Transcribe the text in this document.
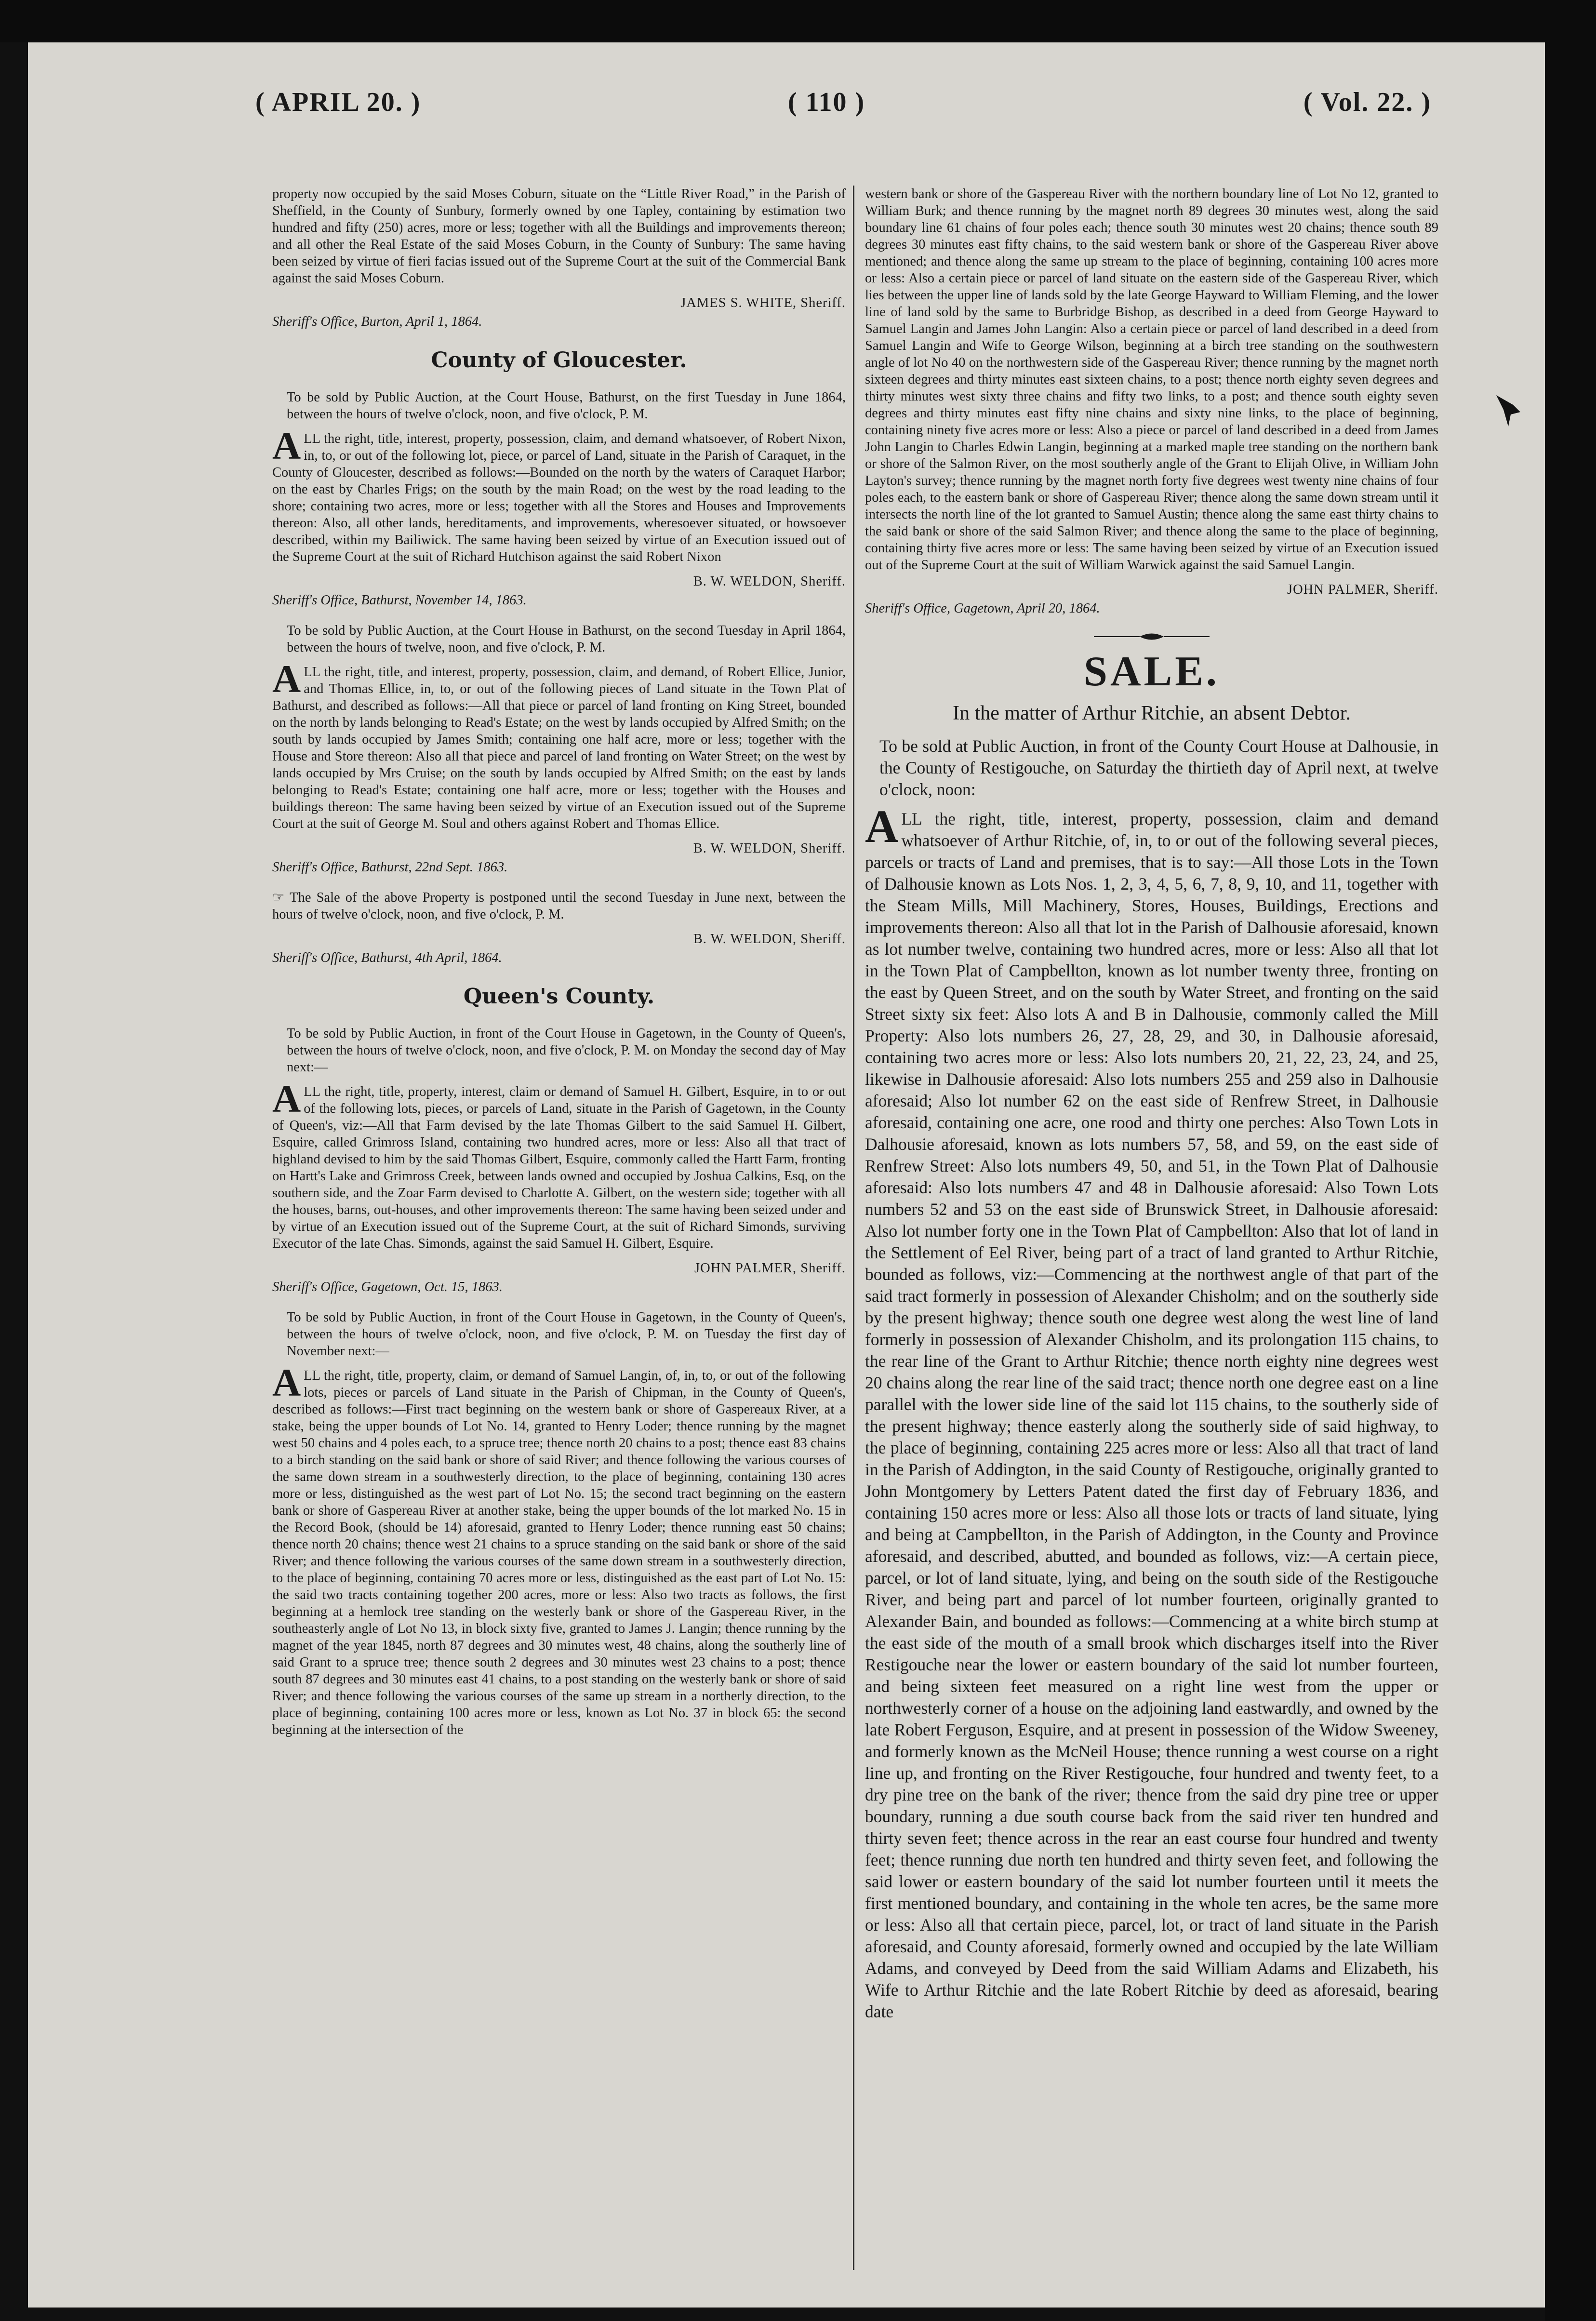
( APRIL 20. )	( 110 )	( Vol. 22. )

property now occupied by the said Moses Coburn, situate on the “Little River Road,” in the Parish of Sheffield, in the County of Sunbury, formerly owned by one Tapley, containing by estimation two hundred and fifty (250) acres, more or less; together with all the Buildings and improvements thereon; and all other the Real Estate of the said Moses Coburn, in the County of Sunbury: The same having been seized by virtue of fieri facias issued out of the Supreme Court at the suit of the Commercial Bank against the said Moses Coburn.

JAMES S. WHITE, Sheriff.

Sheriff's Office, Burton, April 1, 1864.

County of Gloucester.

To be sold by Public Auction, at the Court House, Bathurst, on the first Tuesday in June 1864, between the hours of twelve o'clock, noon, and five o'clock, P. M.

ALL the right, title, interest, property, possession, claim, and demand whatsoever, of Robert Nixon, in, to, or out of the following lot, piece, or parcel of Land, situate in the Parish of Caraquet, in the County of Gloucester, described as follows:—Bounded on the north by the waters of Caraquet Harbor; on the east by Charles Frigs; on the south by the main Road; on the west by the road leading to the shore; containing two acres, more or less; together with all the Stores and Houses and Improvements thereon: Also, all other lands, hereditaments, and improvements, wheresoever situated, or howsoever described, within my Bailiwick. The same having been seized by virtue of an Execution issued out of the Supreme Court at the suit of Richard Hutchison against the said Robert Nixon

B. W. WELDON, Sheriff.

Sheriff's Office, Bathurst, November 14, 1863.

To be sold by Public Auction, at the Court House in Bathurst, on the second Tuesday in April 1864, between the hours of twelve, noon, and five o'clock, P. M.

ALL the right, title, and interest, property, possession, claim, and demand, of Robert Ellice, Junior, and Thomas Ellice, in, to, or out of the following pieces of Land situate in the Town Plat of Bathurst, and described as follows:—All that piece or parcel of land fronting on King Street, bounded on the north by lands belonging to Read's Estate; on the west by lands occupied by Alfred Smith; on the south by lands occupied by James Smith; containing one half acre, more or less; together with the House and Store thereon: Also all that piece and parcel of land fronting on Water Street; on the west by lands occupied by Mrs Cruise; on the south by lands occupied by Alfred Smith; on the east by lands belonging to Read's Estate; containing one half acre, more or less; together with the Houses and buildings thereon: The same having been seized by virtue of an Execution issued out of the Supreme Court at the suit of George M. Soul and others against Robert and Thomas Ellice.

B. W. WELDON, Sheriff.

Sheriff's Office, Bathurst, 22nd Sept. 1863.

☞ The Sale of the above Property is postponed until the second Tuesday in June next, between the hours of twelve o'clock, noon, and five o'clock, P. M.

B. W. WELDON, Sheriff.

Sheriff's Office, Bathurst, 4th April, 1864.

Queen's County.

To be sold by Public Auction, in front of the Court House in Gagetown, in the County of Queen's, between the hours of twelve o'clock, noon, and five o'clock, P. M. on Monday the second day of May next:—

ALL the right, title, property, interest, claim or demand of Samuel H. Gilbert, Esquire, in to or out of the following lots, pieces, or parcels of Land, situate in the Parish of Gagetown, in the County of Queen's, viz:—All that Farm devised by the late Thomas Gilbert to the said Samuel H. Gilbert, Esquire, called Grimross Island, containing two hundred acres, more or less: Also all that tract of highland devised to him by the said Thomas Gilbert, Esquire, commonly called the Hartt Farm, fronting on Hartt's Lake and Grimross Creek, between lands owned and occupied by Joshua Calkins, Esq, on the southern side, and the Zoar Farm devised to Charlotte A. Gilbert, on the western side; together with all the houses, barns, out-houses, and other improvements thereon: The same having been seized under and by virtue of an Execution issued out of the Supreme Court, at the suit of Richard Simonds, surviving Executor of the late Chas. Simonds, against the said Samuel H. Gilbert, Esquire.

JOHN PALMER, Sheriff.

Sheriff's Office, Gagetown, Oct. 15, 1863.

To be sold by Public Auction, in front of the Court House in Gagetown, in the County of Queen's, between the hours of twelve o'clock, noon, and five o'clock, P. M. on Tuesday the first day of November next:—

ALL the right, title, property, claim, or demand of Samuel Langin, of, in, to, or out of the following lots, pieces or parcels of Land situate in the Parish of Chipman, in the County of Queen's, described as follows:—First tract beginning on the western bank or shore of Gaspereaux River, at a stake, being the upper bounds of Lot No. 14, granted to Henry Loder; thence running by the magnet west 50 chains and 4 poles each, to a spruce tree; thence north 20 chains to a post; thence east 83 chains to a birch standing on the said bank or shore of said River; and thence following the various courses of the same down stream in a southwesterly direction, to the place of beginning, containing 130 acres more or less, distinguished as the west part of Lot No. 15; the second tract beginning on the eastern bank or shore of Gaspereau River at another stake, being the upper bounds of the lot marked No. 15 in the Record Book, (should be 14) aforesaid, granted to Henry Loder; thence running east 50 chains; thence north 20 chains; thence west 21 chains to a spruce standing on the said bank or shore of the said River; and thence following the various courses of the same down stream in a southwesterly direction, to the place of beginning, containing 70 acres more or less, distinguished as the east part of Lot No. 15: the said two tracts containing together 200 acres, more or less: Also two tracts as follows, the first beginning at a hemlock tree standing on the westerly bank or shore of the Gaspereau River, in the southeasterly angle of Lot No 13, in block sixty five, granted to James J. Langin; thence running by the magnet of the year 1845, north 87 degrees and 30 minutes west, 48 chains, along the southerly line of said Grant to a spruce tree; thence south 2 degrees and 30 minutes west 23 chains to a post; thence south 87 degrees and 30 minutes east 41 chains, to a post standing on the westerly bank or shore of said River; and thence following the various courses of the same up stream in a northerly direction, to the place of beginning, containing 100 acres more or less, known as Lot No. 37 in block 65: the second beginning at the intersection of the

western bank or shore of the Gaspereau River with the northern boundary line of Lot No 12, granted to William Burk; and thence running by the magnet north 89 degrees 30 minutes west, along the said boundary line 61 chains of four poles each; thence south 30 minutes west 20 chains; thence south 89 degrees 30 minutes east fifty chains, to the said western bank or shore of the Gaspereau River above mentioned; and thence along the same up stream to the place of beginning, containing 100 acres more or less: Also a certain piece or parcel of land situate on the eastern side of the Gaspereau River, which lies between the upper line of lands sold by the late George Hayward to William Fleming, and the lower line of land sold by the same to Burbridge Bishop, as described in a deed from George Hayward to Samuel Langin and James John Langin: Also a certain piece or parcel of land described in a deed from Samuel Langin and Wife to George Wilson, beginning at a birch tree standing on the southwestern angle of lot No 40 on the northwestern side of the Gaspereau River; thence running by the magnet north sixteen degrees and thirty minutes east sixteen chains, to a post; thence north eighty seven degrees and thirty minutes west sixty three chains and fifty two links, to a post; and thence south eighty seven degrees and thirty minutes east fifty nine chains and sixty nine links, to the place of beginning, containing ninety five acres more or less: Also a piece or parcel of land described in a deed from James John Langin to Charles Edwin Langin, beginning at a marked maple tree standing on the northern bank or shore of the Salmon River, on the most southerly angle of the Grant to Elijah Olive, in William John Layton's survey; thence running by the magnet north forty five degrees west twenty nine chains of four poles each, to the eastern bank or shore of Gaspereau River; thence along the same down stream until it intersects the north line of the lot granted to Samuel Austin; thence along the same east thirty chains to the said bank or shore of the said Salmon River; and thence along the same to the place of beginning, containing thirty five acres more or less: The same having been seized by virtue of an Execution issued out of the Supreme Court at the suit of William Warwick against the said Samuel Langin.

JOHN PALMER, Sheriff.

Sheriff's Office, Gagetown, April 20, 1864.

SALE.
In the matter of Arthur Ritchie, an absent Debtor.

To be sold at Public Auction, in front of the County Court House at Dalhousie, in the County of Restigouche, on Saturday the thirtieth day of April next, at twelve o'clock, noon:

ALL the right, title, interest, property, possession, claim and demand whatsoever of Arthur Ritchie, of, in, to or out of the following several pieces, parcels or tracts of Land and premises, that is to say:—All those Lots in the Town of Dalhousie known as Lots Nos. 1, 2, 3, 4, 5, 6, 7, 8, 9, 10, and 11, together with the Steam Mills, Mill Machinery, Stores, Houses, Buildings, Erections and improvements thereon: Also all that lot in the Parish of Dalhousie aforesaid, known as lot number twelve, containing two hundred acres, more or less: Also all that lot in the Town Plat of Campbellton, known as lot number twenty three, fronting on the east by Queen Street, and on the south by Water Street, and fronting on the said Street sixty six feet: Also lots A and B in Dalhousie, commonly called the Mill Property: Also lots numbers 26, 27, 28, 29, and 30, in Dalhousie aforesaid, containing two acres more or less: Also lots numbers 20, 21, 22, 23, 24, and 25, likewise in Dalhousie aforesaid: Also lots numbers 255 and 259 also in Dalhousie aforesaid; Also lot number 62 on the east side of Renfrew Street, in Dalhousie aforesaid, containing one acre, one rood and thirty one perches: Also Town Lots in Dalhousie aforesaid, known as lots numbers 57, 58, and 59, on the east side of Renfrew Street: Also lots numbers 49, 50, and 51, in the Town Plat of Dalhousie aforesaid: Also lots numbers 47 and 48 in Dalhousie aforesaid: Also Town Lots numbers 52 and 53 on the east side of Brunswick Street, in Dalhousie aforesaid: Also lot number forty one in the Town Plat of Campbellton: Also that lot of land in the Settlement of Eel River, being part of a tract of land granted to Arthur Ritchie, bounded as follows, viz:—Commencing at the northwest angle of that part of the said tract formerly in possession of Alexander Chisholm; and on the southerly side by the present highway; thence south one degree west along the west line of land formerly in possession of Alexander Chisholm, and its prolongation 115 chains, to the rear line of the Grant to Arthur Ritchie; thence north eighty nine degrees west 20 chains along the rear line of the said tract; thence north one degree east on a line parallel with the lower side line of the said lot 115 chains, to the southerly side of the present highway; thence easterly along the southerly side of said highway, to the place of beginning, containing 225 acres more or less: Also all that tract of land in the Parish of Addington, in the said County of Restigouche, originally granted to John Montgomery by Letters Patent dated the first day of February 1836, and containing 150 acres more or less: Also all those lots or tracts of land situate, lying and being at Campbellton, in the Parish of Addington, in the County and Province aforesaid, and described, abutted, and bounded as follows, viz:—A certain piece, parcel, or lot of land situate, lying, and being on the south side of the Restigouche River, and being part and parcel of lot number fourteen, originally granted to Alexander Bain, and bounded as follows:—Commencing at a white birch stump at the east side of the mouth of a small brook which discharges itself into the River Restigouche near the lower or eastern boundary of the said lot number fourteen, and being sixteen feet measured on a right line west from the upper or northwesterly corner of a house on the adjoining land eastwardly, and owned by the late Robert Ferguson, Esquire, and at present in possession of the Widow Sweeney, and formerly known as the McNeil House; thence running a west course on a right line up, and fronting on the River Restigouche, four hundred and twenty feet, to a dry pine tree on the bank of the river; thence from the said dry pine tree or upper boundary, running a due south course back from the said river ten hundred and thirty seven feet; thence across in the rear an east course four hundred and twenty feet; thence running due north ten hundred and thirty seven feet, and following the said lower or eastern boundary of the said lot number fourteen until it meets the first mentioned boundary, and containing in the whole ten acres, be the same more or less: Also all that certain piece, parcel, lot, or tract of land situate in the Parish aforesaid, and County aforesaid, formerly owned and occupied by the late William Adams, and conveyed by Deed from the said William Adams and Elizabeth, his Wife to Arthur Ritchie and the late Robert Ritchie by deed as aforesaid, bearing date
